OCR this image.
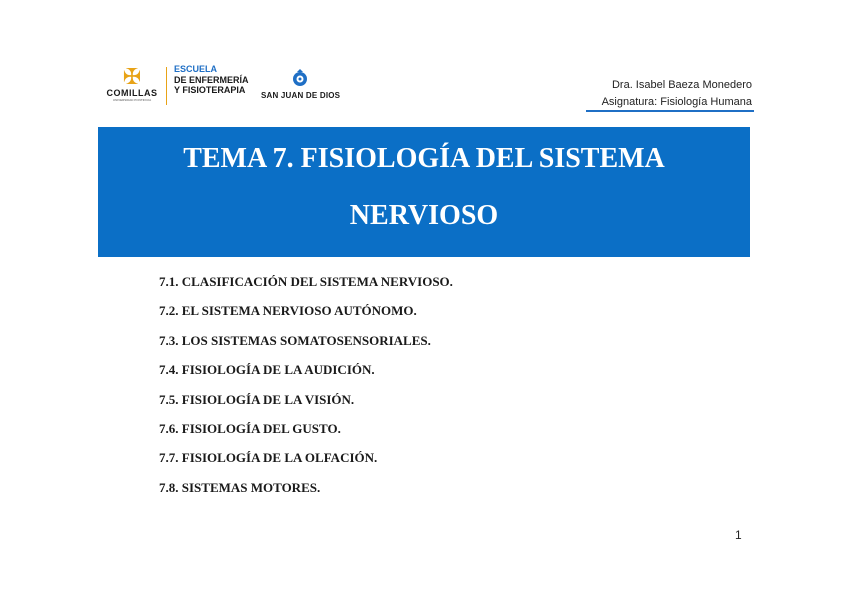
✠
COMILLAS
UNIVERSIDAD PONTIFICIA
ESCUELA
DE ENFERMERÍA
Y FISIOTERAPIA
SAN JUAN DE DIOS
Dra. Isabel Baeza Monedero
Asignatura: Fisiología Humana
TEMA 7. FISIOLOGÍA DEL SISTEMA
NERVIOSO
7.1. CLASIFICACIÓN DEL SISTEMA NERVIOSO.
7.2. EL SISTEMA NERVIOSO AUTÓNOMO.
7.3. LOS SISTEMAS SOMATOSENSORIALES.
7.4. FISIOLOGÍA DE LA AUDICIÓN.
7.5. FISIOLOGÍA DE LA VISIÓN.
7.6. FISIOLOGÍA DEL GUSTO.
7.7. FISIOLOGÍA DE LA OLFACIÓN.
7.8. SISTEMAS MOTORES.
1
